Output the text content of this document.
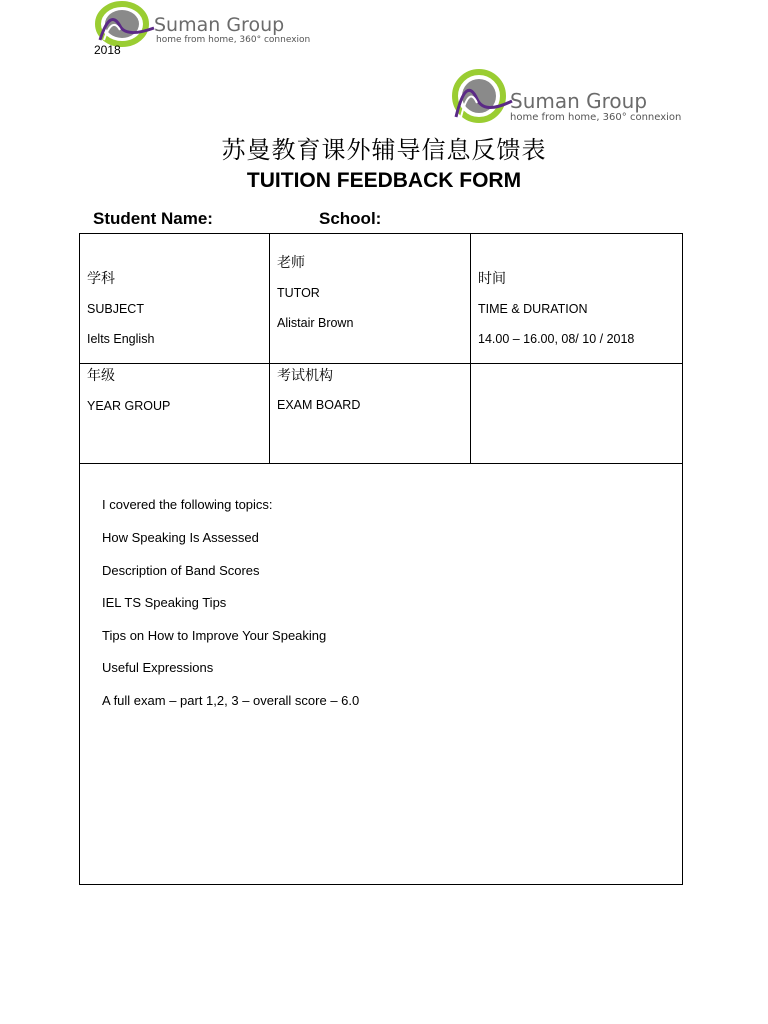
Suman Group
home from home, 360° connexion
2018
Suman Group
home from home, 360° connexion
苏曼教育课外辅导信息反馈表
TUITION FEEDBACK FORM
Student Name:	School:
学科
SUBJECT
Ielts English
老师
TUTOR
Alistair Brown
时间
TIME & DURATION
14.00 – 16.00, 08/ 10 / 2018
年级
YEAR GROUP
考试机构
EXAM BOARD
I covered the following topics:
How Speaking Is Assessed
Description of Band Scores
IEL TS Speaking Tips
Tips on How to Improve Your Speaking
Useful Expressions
A full exam – part 1,2, 3 – overall score – 6.0
